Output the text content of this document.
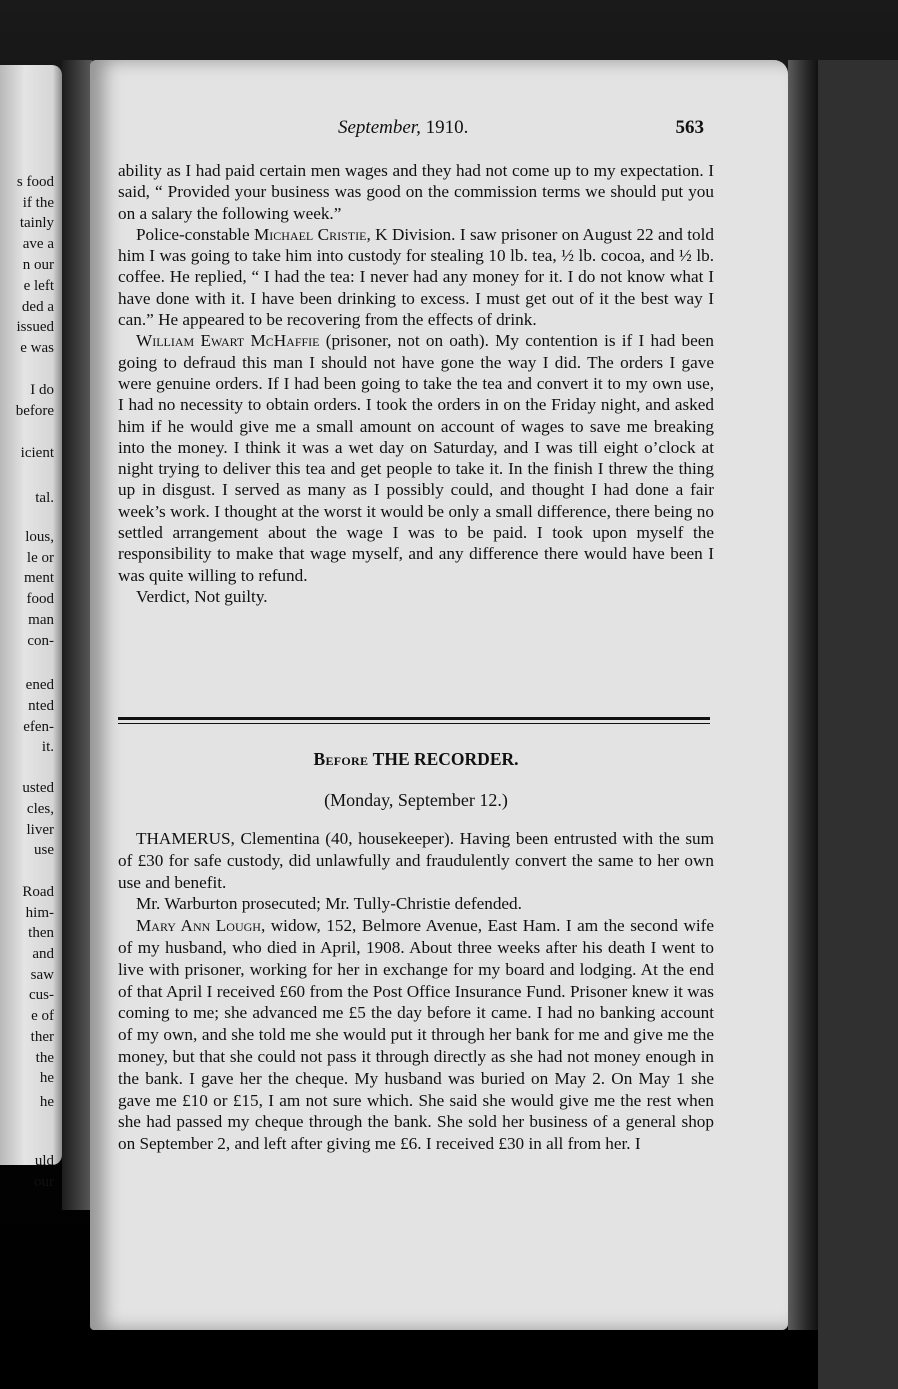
s food
if the
tainly
ave a
n our
e left
ded a
issued
e was
I do
before
icient
tal.
lous,
le or
ment
food
man
con-
ened
nted
efen-
it.
usted
cles,
liver
use
Road
him-
then
and
saw
cus-
e of
ther
the
he
he
uld
our
September, 1910.	563

ability as I had paid certain men wages and they had not come up to my expectation. I said, “ Provided your business was good on the commission terms we should put you on a salary the following week.”

Police-constable Michael Cristie, K Division. I saw prisoner on August 22 and told him I was going to take him into custody for stealing 10 lb. tea, ½ lb. cocoa, and ½ lb. coffee. He replied, “ I had the tea: I never had any money for it. I do not know what I have done with it. I have been drinking to excess. I must get out of it the best way I can.” He appeared to be recovering from the effects of drink.

William Ewart McHaffie (prisoner, not on oath). My contention is if I had been going to defraud this man I should not have gone the way I did. The orders I gave were genuine orders. If I had been going to take the tea and convert it to my own use, I had no necessity to obtain orders. I took the orders in on the Friday night, and asked him if he would give me a small amount on account of wages to save me breaking into the money. I think it was a wet day on Saturday, and I was till eight o’clock at night trying to deliver this tea and get people to take it. In the finish I threw the thing up in disgust. I served as many as I possibly could, and thought I had done a fair week’s work. I thought at the worst it would be only a small difference, there being no settled arrangement about the wage I was to be paid. I took upon myself the responsibility to make that wage myself, and any difference there would have been I was quite willing to refund.

Verdict, Not guilty.

Before THE RECORDER.
(Monday, September 12.)

THAMERUS, Clementina (40, housekeeper). Having been entrusted with the sum of £30 for safe custody, did unlawfully and fraudulently convert the same to her own use and benefit.

Mr. Warburton prosecuted; Mr. Tully-Christie defended.

Mary Ann Lough, widow, 152, Belmore Avenue, East Ham. I am the second wife of my husband, who died in April, 1908. About three weeks after his death I went to live with prisoner, working for her in exchange for my board and lodging. At the end of that April I received £60 from the Post Office Insurance Fund. Prisoner knew it was coming to me; she advanced me £5 the day before it came. I had no banking account of my own, and she told me she would put it through her bank for me and give me the money, but that she could not pass it through directly as she had not money enough in the bank. I gave her the cheque. My husband was buried on May 2. On May 1 she gave me £10 or £15, I am not sure which. She said she would give me the rest when she had passed my cheque through the bank. She sold her business of a general shop on September 2, and left after giving me £6. I received £30 in all from her. I
